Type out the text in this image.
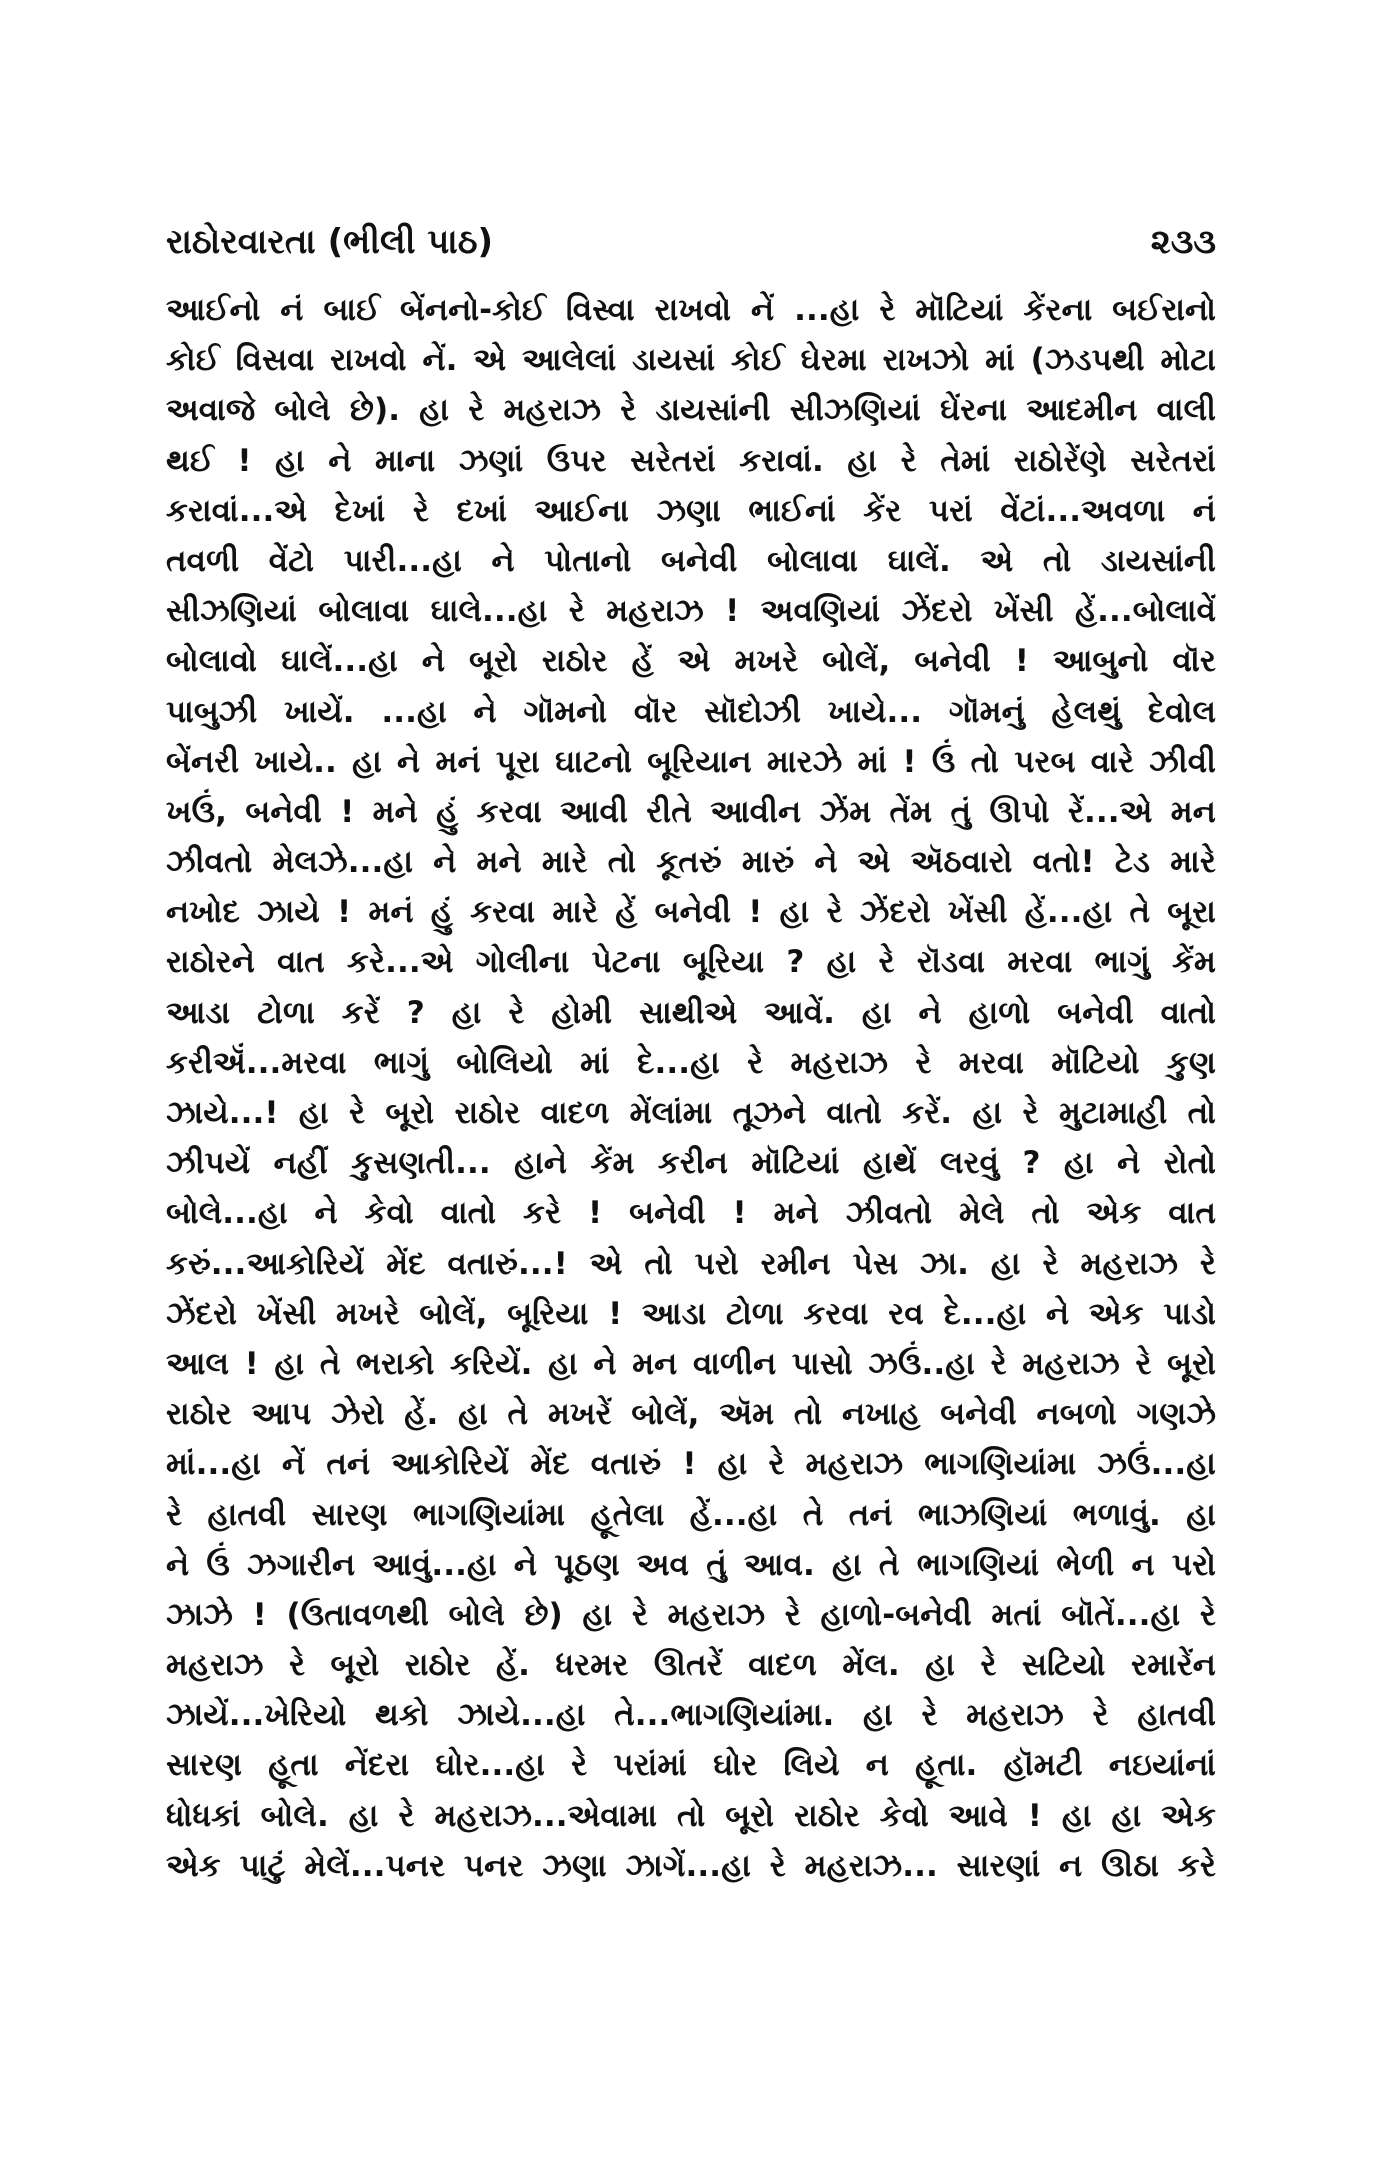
રાઠોરવારતા (ભીલી પાઠ)	૨૩૩
આઈનો નં બાઈ બેંનનો-કોઈ વિસ્વા રાખવો નેં ...હા રે મૉટિયાં કેંરના બઈરાનો
કોઈ વિસવા રાખવો નેં. એ આલેલાં ડાયસાં કોઈ ઘેરમા રાખઝો માં (ઝડપથી મોટા
અવાજે બોલે છે). હા રે મહરાઝ રે ડાયસાંની સીઝણિયાં ઘેંરના આદમીન વાલી
થઈ ! હા ને માના ઝણાં ઉપર સરેતરાં કરાવાં. હા રે તેમાં રાઠોરેંણે સરેતરાં
કરાવાં...એ દેખાં રે દખાં આઈના ઝણા ભાઈનાં કેંર પરાં વેંટાં...અવળા નં
તવળી વેંટો પારી...હા ને પોતાનો બનેવી બોલાવા ઘાલેં. એ તો ડાયસાંની
સીઝણિયાં બોલાવા ઘાલે...હા રે મહરાઝ ! અવણિયાં ઝેંદરો ખેંસી હેં...બોલાવેં
બોલાવો ઘાલેં...હા ને બૂરો રાઠોર હેં એ મખરે બોલેં, બનેવી ! આબુનો વૉર
પાબુઝી ખાયેં. ...હા ને ગૉમનો વૉર સૉદોઝી ખાયે... ગૉમનું હેલથું દેવોલ
બેંનરી ખાયે.. હા ને મનં પૂરા ઘાટનો બૂરિયાન મારઝે માં ! ઉં તો પરબ વારે ઝીવી
ખઉં, બનેવી ! મને હું કરવા આવી રીતે આવીન ઝેંમ તેંમ તું ઊપો રેં...એ મન
ઝીવતો મેલઝે...હા ને મને મારે તો કૂતરું મારું ને એ ઍઠવારો વતો! ટેડ મારે
નખોદ ઝાયે ! મનં હું કરવા મારે હેં બનેવી ! હા રે ઝેંદરો ખેંસી હેં...હા તે બૂરા
રાઠોરને વાત કરે...એ ગોલીના પેટના બૂરિયા ? હા રે રૉડવા મરવા ભાગું કેંમ
આડા ટોળા કરેં ? હા રે હોમી સાથીએ આવેં. હા ને હાળો બનેવી વાતો
કરીઍં...મરવા ભાગું બોલિયો માં દે...હા રે મહરાઝ રે મરવા મૉટિયો કુણ
ઝાયે...! હા રે બૂરો રાઠોર વાદળ મેંલાંમા તૂઝને વાતો કરેં. હા રે મુટામાહી તો
ઝીપયેં નહીં કુસણતી... હાને કેંમ કરીન મૉટિયાં હાથેં લરવું ? હા ને રોતો
બોલે...હા ને કેવો વાતો કરે ! બનેવી ! મને ઝીવતો મેલે તો એક વાત
કરું...આકોરિયેં મેંદ વતારું...! એ તો પરો રમીન પેસ ઝા. હા રે મહરાઝ રે
ઝેંદરો ખેંસી મખરે બોલેં, બૂરિયા ! આડા ટોળા કરવા રવ દે...હા ને એક પાડો
આલ ! હા તે ભરાકો કરિયેં. હા ને મન વાળીન પાસો ઝઉં..હા રે મહરાઝ રે બૂરો
રાઠોર આપ ઝેરો હેં. હા તે મખરેં બોલેં, ઍમ તો નખાહ બનેવી નબળો ગણઝે
માં...હા નેં તનં આકોરિયેં મેંદ વતારું ! હા રે મહરાઝ ભાગણિયાંમા ઝઉં...હા
રે હાતવી સારણ ભાગણિયાંમા હૂતેલા હેં...હા તે તનં ભાઝણિયાં ભળાવું. હા
ને ઉં ઝગારીન આવું...હા ને પૂઠણ અવ તું આવ. હા તે ભાગણિયાં ભેળી ન પરો
ઝાઝે ! (ઉતાવળથી બોલે છે) હા રે મહરાઝ રે હાળો-બનેવી મતાં બૉતેં...હા રે
મહરાઝ રે બૂરો રાઠોર હેં. ધરમર ઊતરેં વાદળ મેંલ. હા રે સટિયો રમારેંન
ઝાયેં...ખેરિયો થકો ઝાયે...હા તે...ભાગણિયાંમા. હા રે મહરાઝ રે હાતવી
સારણ હૂતા નેંદરા ઘોર...હા રે પરાંમાં ઘોર લિયે ન હૂતા. હૉમટી નઇયાંનાં
ધોધકાં બોલે. હા રે મહરાઝ...એવામા તો બૂરો રાઠોર કેવો આવે ! હા હા એક
એક પાટું મેલેં...પનર પનર ઝણા ઝાગેં...હા રે મહરાઝ... સારણાં ન ઊઠા કરે
